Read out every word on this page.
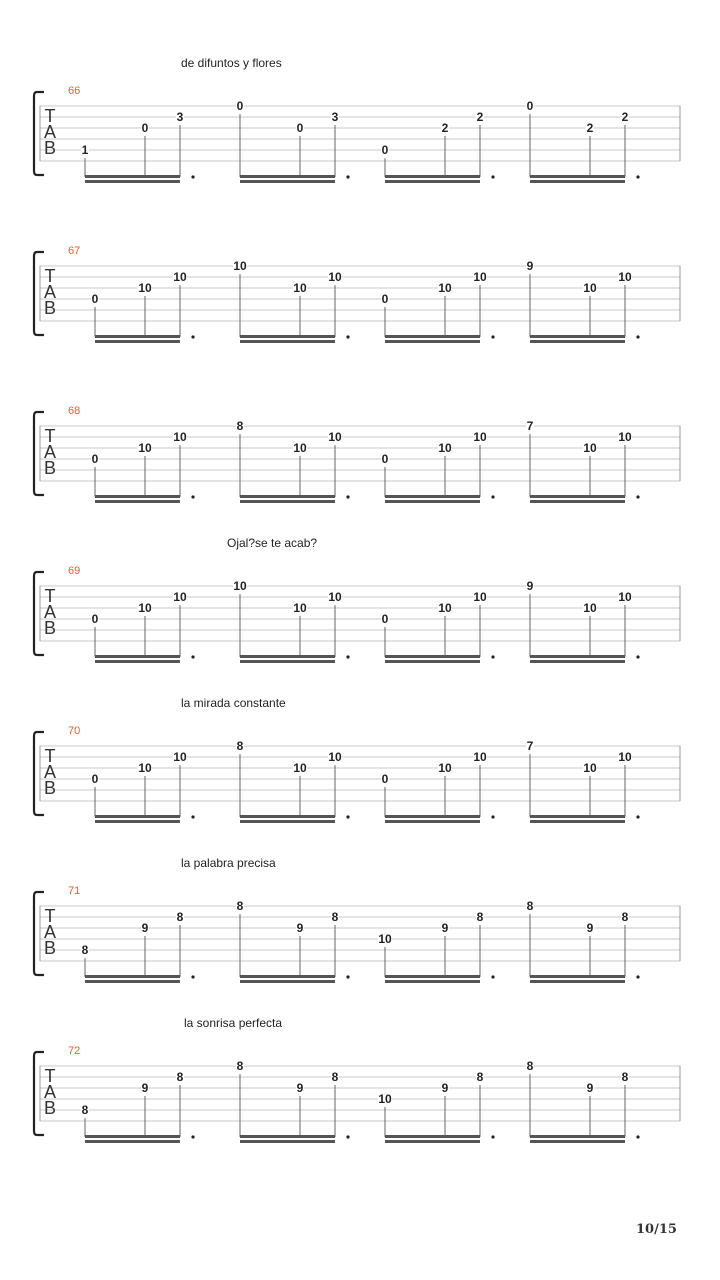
T
A
B
66
1
0
3
0
0
3
0
2
2
0
2
2
de difuntos y flores
T
A
B
67
0
10
10
10
10
10
0
10
10
9
10
10
T
A
B
68
0
10
10
8
10
10
0
10
10
7
10
10
T
A
B
69
0
10
10
10
10
10
0
10
10
9
10
10
Ojal?se te acab?
T
A
B
70
0
10
10
8
10
10
0
10
10
7
10
10
la mirada constante
T
A
B
71
8
9
8
8
9
8
10
9
8
8
9
8
la palabra precisa
T
A
B
72
8
9
8
8
9
8
10
9
8
8
9
8
la sonrisa perfecta
10/15
